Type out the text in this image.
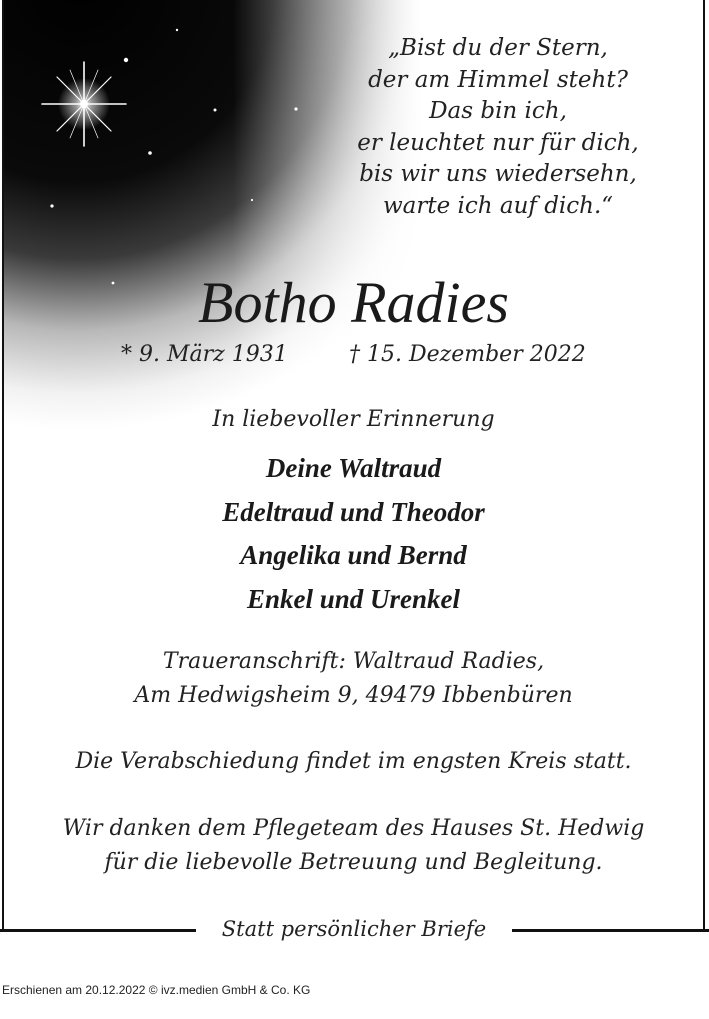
„Bist du der Stern,
der am Himmel steht?
Das bin ich,
er leuchtet nur für dich,
bis wir uns wiedersehn,
warte ich auf dich.“
Botho Radies
* 9. März 1931	† 15. Dezember 2022
In liebevoller Erinnerung
Deine Waltraud
Edeltraud und Theodor
Angelika und Bernd
Enkel und Urenkel
Traueranschrift: Waltraud Radies,
Am Hedwigsheim 9, 49479 Ibbenbüren
Die Verabschiedung findet im engsten Kreis statt.
Wir danken dem Pflegeteam des Hauses St. Hedwig
für die liebevolle Betreuung und Begleitung.
Statt persönlicher Briefe
Erschienen am 20.12.2022 © ivz.medien GmbH & Co. KG
